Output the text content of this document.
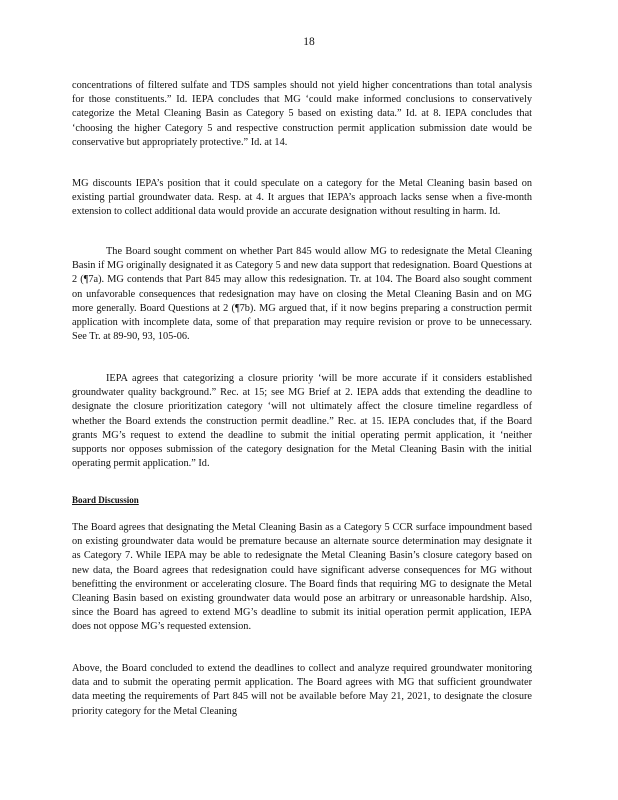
18

concentrations of filtered sulfate and TDS samples should not yield higher concentrations than total analysis for those constituents.” Id. IEPA concludes that MG ‘could make informed conclusions to conservatively categorize the Metal Cleaning Basin as Category 5 based on existing data.” Id. at 8. IEPA concludes that ‘choosing the higher Category 5 and respective construction permit application submission date would be conservative but appropriately protective.” Id. at 14.

MG discounts IEPA’s position that it could speculate on a category for the Metal Cleaning basin based on existing partial groundwater data. Resp. at 4. It argues that IEPA’s approach lacks sense when a five-month extension to collect additional data would provide an accurate designation without resulting in harm. Id.

The Board sought comment on whether Part 845 would allow MG to redesignate the Metal Cleaning Basin if MG originally designated it as Category 5 and new data support that redesignation. Board Questions at 2 (¶7a). MG contends that Part 845 may allow this redesignation. Tr. at 104. The Board also sought comment on unfavorable consequences that redesignation may have on closing the Metal Cleaning Basin and on MG more generally. Board Questions at 2 (¶7b). MG argued that, if it now begins preparing a construction permit application with incomplete data, some of that preparation may require revision or prove to be unnecessary. See Tr. at 89-90, 93, 105-06.

IEPA agrees that categorizing a closure priority ‘will be more accurate if it considers established groundwater quality background.” Rec. at 15; see MG Brief at 2. IEPA adds that extending the deadline to designate the closure prioritization category ‘will not ultimately affect the closure timeline regardless of whether the Board extends the construction permit deadline.” Rec. at 15. IEPA concludes that, if the Board grants MG’s request to extend the deadline to submit the initial operating permit application, it ‘neither supports nor opposes submission of the category designation for the Metal Cleaning Basin with the initial operating permit application.” Id.

Board Discussion

The Board agrees that designating the Metal Cleaning Basin as a Category 5 CCR surface impoundment based on existing groundwater data would be premature because an alternate source determination may designate it as Category 7. While IEPA may be able to redesignate the Metal Cleaning Basin’s closure category based on new data, the Board agrees that redesignation could have significant adverse consequences for MG without benefitting the environment or accelerating closure. The Board finds that requiring MG to designate the Metal Cleaning Basin based on existing groundwater data would pose an arbitrary or unreasonable hardship. Also, since the Board has agreed to extend MG’s deadline to submit its initial operation permit application, IEPA does not oppose MG’s requested extension.

Above, the Board concluded to extend the deadlines to collect and analyze required groundwater monitoring data and to submit the operating permit application. The Board agrees with MG that sufficient groundwater data meeting the requirements of Part 845 will not be available before May 21, 2021, to designate the closure priority category for the Metal Cleaning
